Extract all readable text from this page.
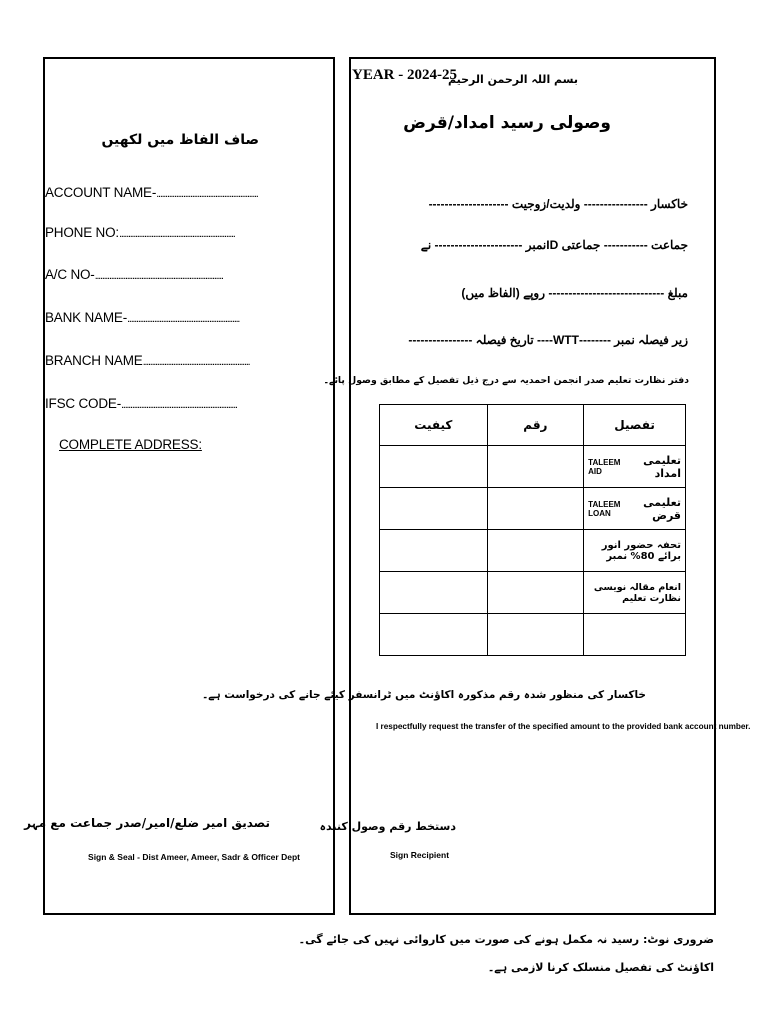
صاف الفاظ میں لکھیں
ACCOUNT NAME-.........................................................
PHONE NO:.................................................................
A/C NO-........................................................................
BANK NAME-...............................................................
BRANCH NAME............................................................
IFSC CODE-.................................................................
COMPLETE ADDRESS:
تصدیق امیر ضلع/امیر/صدر جماعت مع مہر
Sign & Seal - Dist Ameer, Ameer, Sadr & Officer Dept
YEAR - 2024-25
بسم اللہ الرحمن الرحیم
وصولی رسید امداد/قرض
خاکسار ---------------- ولدیت/زوجیت --------------------
جماعت ----------- جماعتی IDنمبر ---------------------- نے
مبلغ ----------------------------- روپے (الفاظ میں)
زیر فیصلہ نمبر --------WTT---- تاریخ فیصلہ ----------------
دفتر نظارت تعلیم صدر انجمن احمدیہ سے درج ذیل تفصیل کے مطابق وصول پائے۔
تفصیل	رقم	کیفیت

تعلیمی امداد
TALEEM AID		

تعلیمی قرض
TALEEM LOAN		

تحفہ حضور انور برائے 80% نمبر		

انعام مقالہ نویسی نظارت تعلیم		

خاکسار کی منظور شدہ رقم مذکورہ اکاؤنٹ میں ٹرانسفر کیئے جانے کی درخواست ہے۔
I respectfully request the transfer of the specified amount to the provided bank account number.
دستخط رقم وصول کنندہ
Sign Recipient
ضروری نوٹ: رسید نہ مکمل ہونے کی صورت میں کاروائی نہیں کی جائے گی۔
اکاؤنٹ کی تفصیل منسلک کرنا لازمی ہے۔
